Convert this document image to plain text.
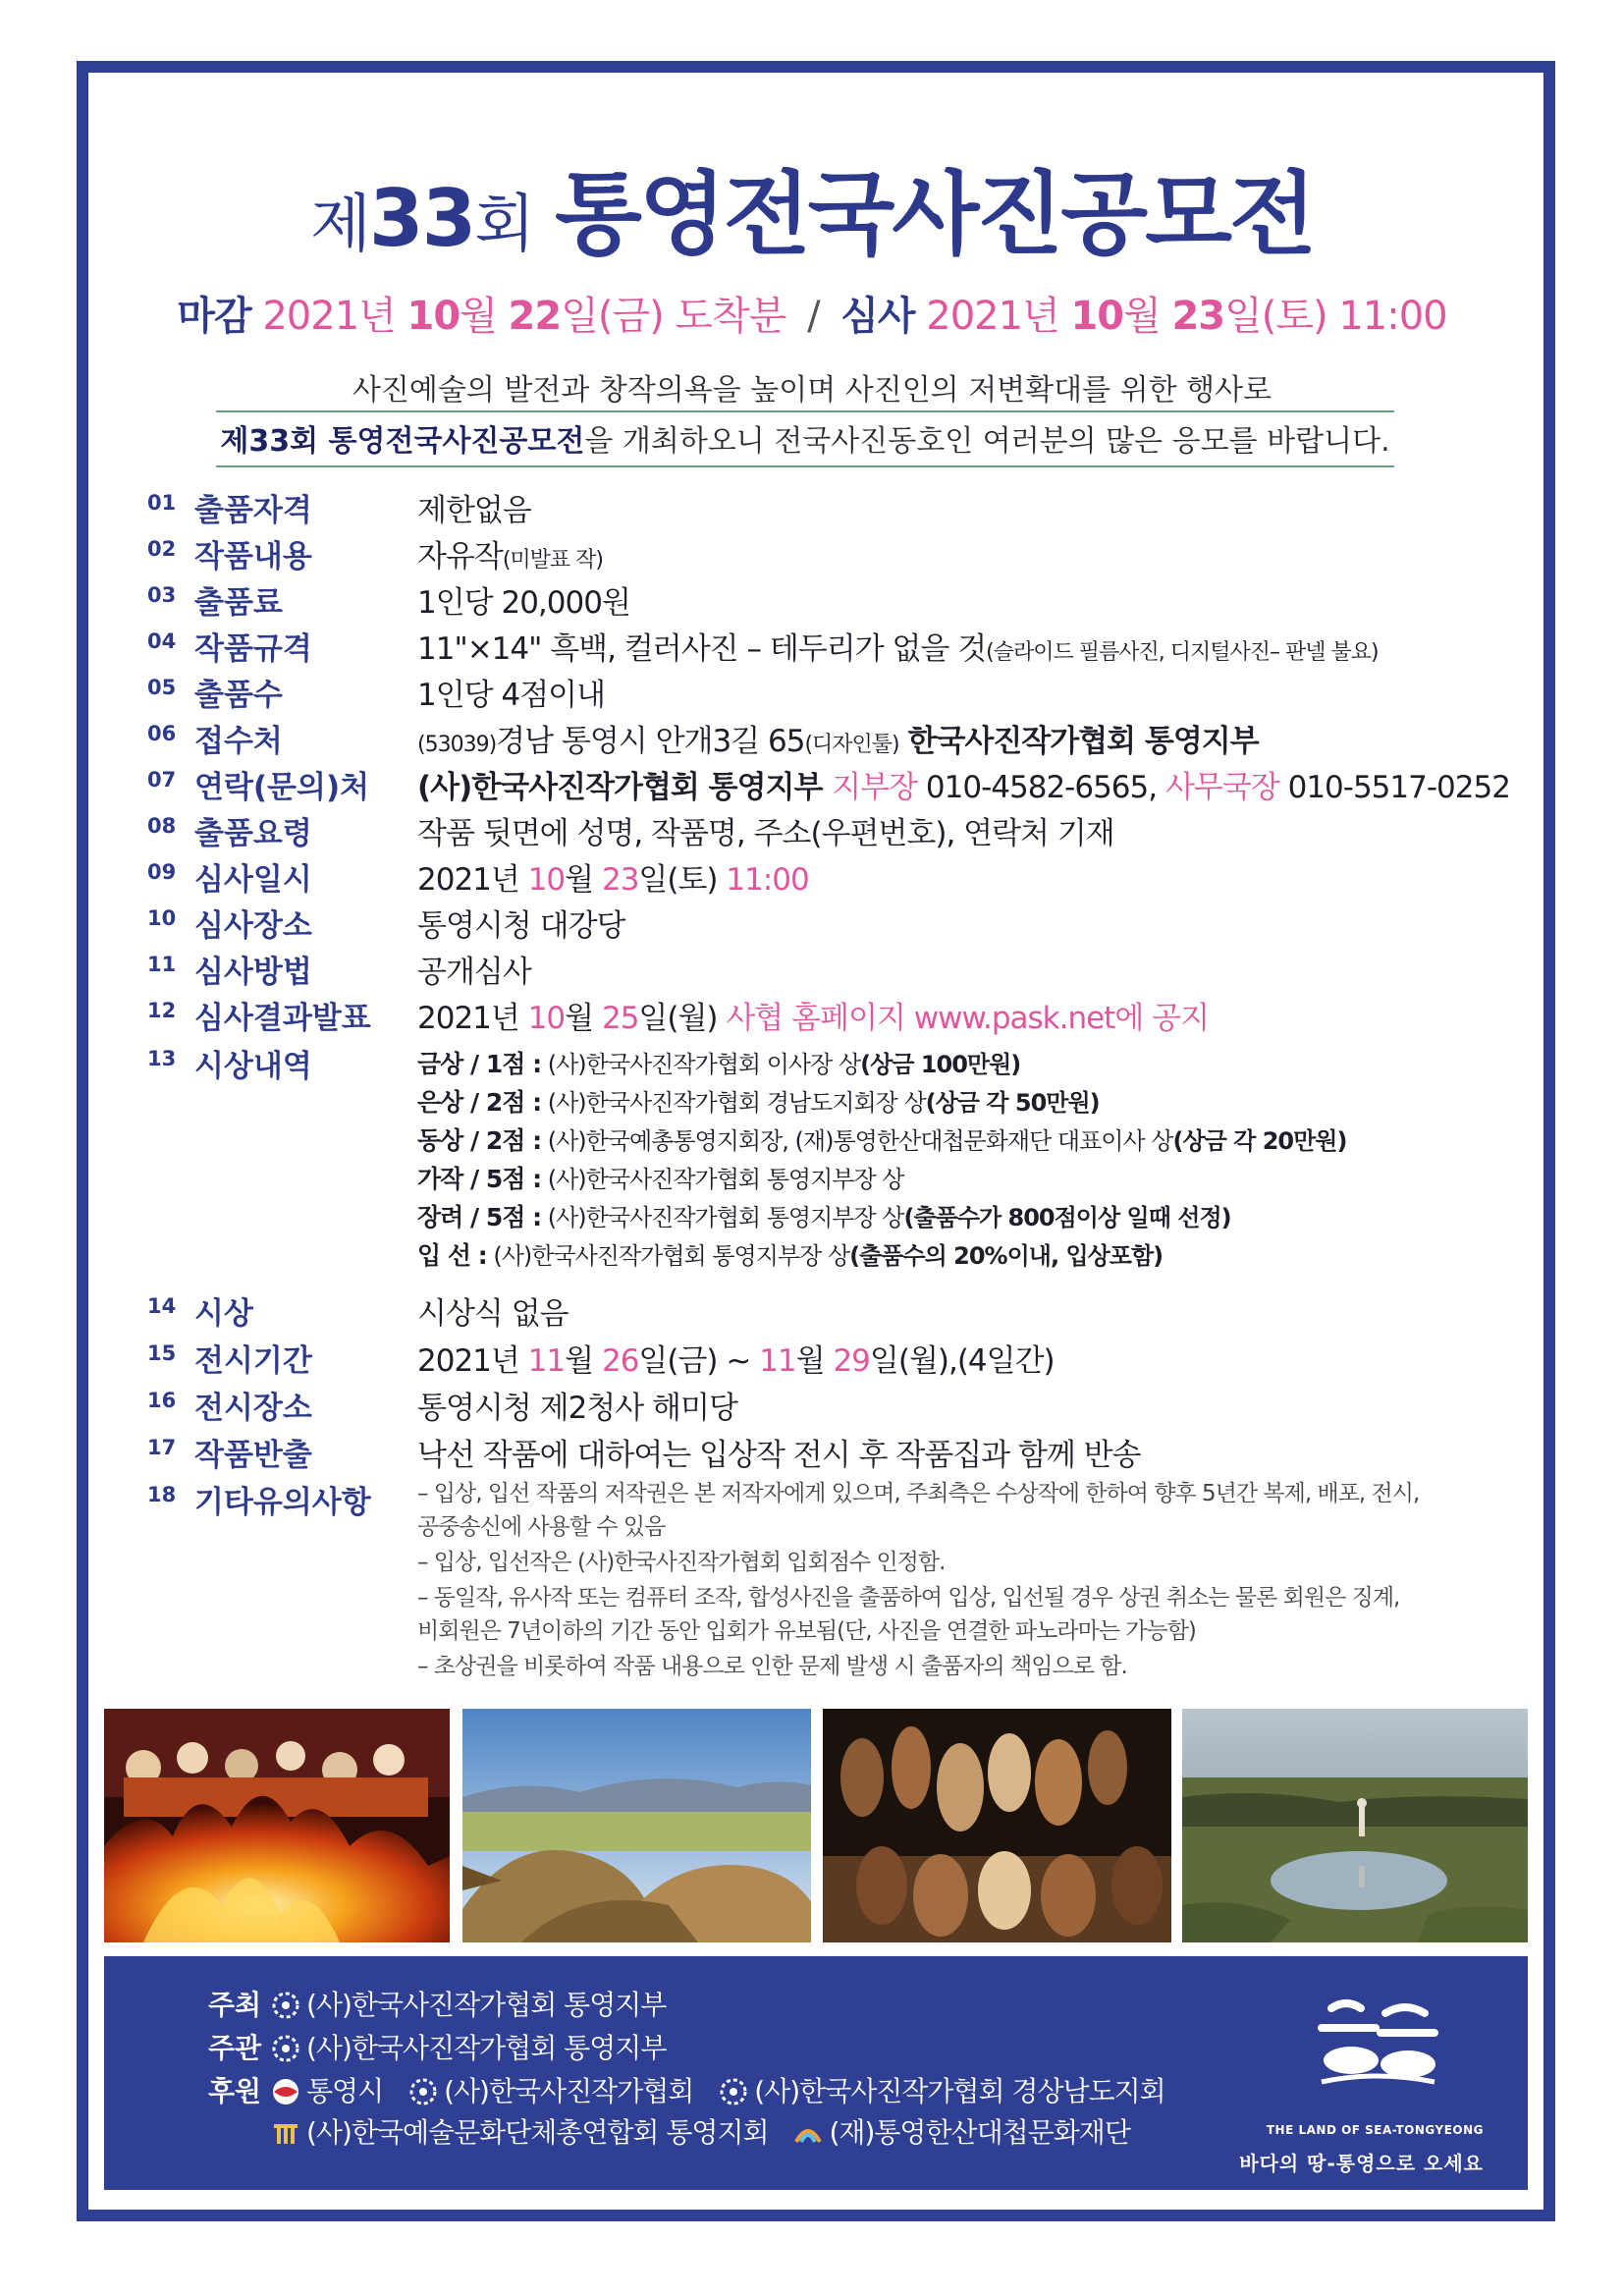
제33회 통영전국사진공모전
마감 2021년 10월 22일(금) 도착분 / 심사 2021년 10월 23일(토) 11:00
사진예술의 발전과 창작의욕을 높이며 사진인의 저변확대를 위한 행사로
제33회 통영전국사진공모전을 개최하오니 전국사진동호인 여러분의 많은 응모를 바랍니다.
01 출품자격	제한없음
02 작품내용	자유작(미발표 작)
03 출품료	1인당 20,000원
04 작품규격	11"×14" 흑백, 컬러사진 – 테두리가 없을 것(슬라이드 필름사진, 디지털사진– 판넬 불요)
05 출품수	1인당 4점이내
06 접수처	(53039)경남 통영시 안개3길 65(디자인툴) 한국사진작가협회 통영지부
07 연락(문의)처	(사)한국사진작가협회 통영지부 지부장 010-4582-6565, 사무국장 010-5517-0252
08 출품요령	작품 뒷면에 성명, 작품명, 주소(우편번호), 연락처 기재
09 심사일시	2021년 10월 23일(토) 11:00
10 심사장소	통영시청 대강당
11 심사방법	공개심사
12 심사결과발표	2021년 10월 25일(월) 사협 홈페이지 www.pask.net에 공지
13 시상내역	금상 / 1점 : (사)한국사진작가협회 이사장 상(상금 100만원)
은상 / 2점 : (사)한국사진작가협회 경남도지회장 상(상금 각 50만원)
동상 / 2점 : (사)한국예총통영지회장, (재)통영한산대첩문화재단 대표이사 상(상금 각 20만원)
가작 / 5점 : (사)한국사진작가협회 통영지부장 상
장려 / 5점 : (사)한국사진작가협회 통영지부장 상(출품수가 800점이상 일때 선정)
입 선 : (사)한국사진작가협회 통영지부장 상(출품수의 20%이내, 입상포함)
14 시상	시상식 없음
15 전시기간	2021년 11월 26일(금) ~ 11월 29일(월),(4일간)
16 전시장소	통영시청 제2청사 해미당
17 작품반출	낙선 작품에 대하여는 입상작 전시 후 작품집과 함께 반송
18 기타유의사항	– 입상, 입선 작품의 저작권은 본 저작자에게 있으며, 주최측은 수상작에 한하여 향후 5년간 복제, 배포, 전시,
공중송신에 사용할 수 있음
– 입상, 입선작은 (사)한국사진작가협회 입회점수 인정함.
– 동일작, 유사작 또는 컴퓨터 조작, 합성사진을 출품하여 입상, 입선될 경우 상권 취소는 물론 회원은 징계,
비회원은 7년이하의 기간 동안 입회가 유보됨(단, 사진을 연결한 파노라마는 가능함)
– 초상권을 비롯하여 작품 내용으로 인한 문제 발생 시 출품자의 책임으로 함.
주최	(사)한국사진작가협회 통영지부
주관	(사)한국사진작가협회 통영지부
후원	통영시 (사)한국사진작가협회 (사)한국사진작가협회 경상남도지회
(사)한국예술문화단체총연합회 통영지회 (재)통영한산대첩문화재단	THE LAND OF SEA-TONGYEONG
바다의 땅-통영으로 오세요
